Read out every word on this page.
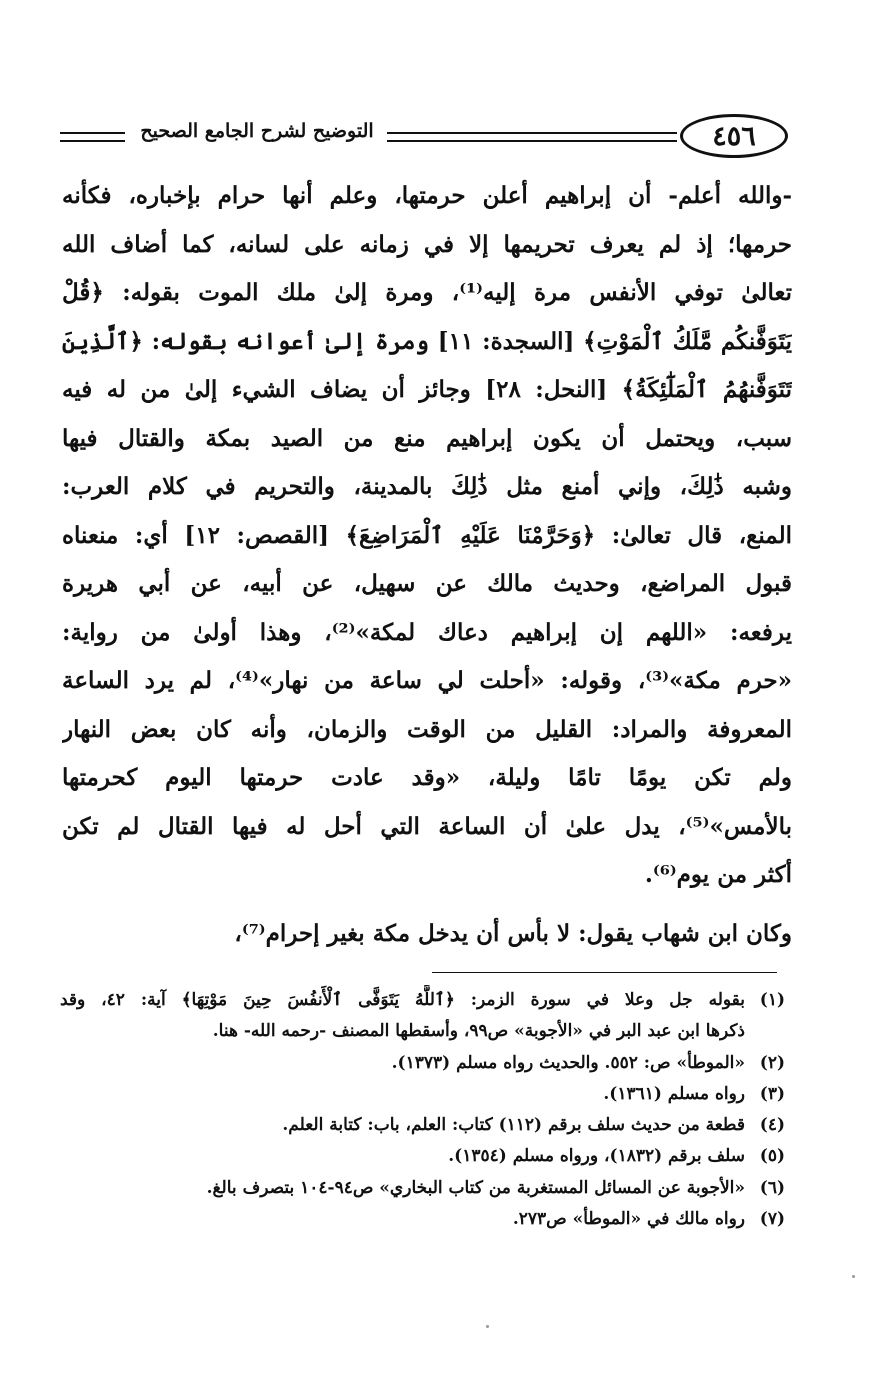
التوضيح لشرح الجامع الصحيح	٤٥٦
-والله أعلم- أن إبراهيم أعلن حرمتها، وعلم أنها حرام بإخباره، فكأنه
حرمها؛ إذ لم يعرف تحريمها إلا في زمانه على لسانه، كما أضاف الله
تعالىٰ توفي الأنفس مرة إليه⁽¹⁾، ومرة إلىٰ ملك الموت بقوله: ﴿قُلْ
يَتَوَفَّنكُم مَّلَكُ ٱلْمَوْتِ﴾ [السجدة: ١١] ومرة إلىٰ أعوانه بقوله: ﴿ٱلَّذِينَ
تَتَوَفَّنهُمُ ٱلْمَلَٰٓئِكَةُ﴾ [النحل: ٢٨] وجائز أن يضاف الشيء إلىٰ من له فيه
سبب، ويحتمل أن يكون إبراهيم منع من الصيد بمكة والقتال فيها
وشبه ذَٰلِكَ، وإني أمنع مثل ذَٰلِكَ بالمدينة، والتحريم في كلام العرب:
المنع، قال تعالىٰ: ﴿وَحَرَّمْنَا عَلَيْهِ ٱلْمَرَاضِعَ﴾ [القصص: ١٢] أي: منعناه
قبول المراضع، وحديث مالك عن سهيل، عن أبيه، عن أبي هريرة
يرفعه: «اللهم إن إبراهيم دعاك لمكة»⁽²⁾، وهذا أولىٰ من رواية:
«حرم مكة»⁽³⁾، وقوله: «أحلت لي ساعة من نهار»⁽⁴⁾، لم يرد الساعة
المعروفة والمراد: القليل من الوقت والزمان، وأنه كان بعض النهار
ولم تكن يومًا تامًا وليلة، «وقد عادت حرمتها اليوم كحرمتها
بالأمس»⁽⁵⁾، يدل علىٰ أن الساعة التي أحل له فيها القتال لم تكن
أكثر من يوم⁽⁶⁾.
وكان ابن شهاب يقول: لا بأس أن يدخل مكة بغير إحرام⁽⁷⁾،
(١)بقوله جل وعلا في سورة الزمر: ﴿ٱللَّهُ يَتَوَفَّى ٱلْأَنفُسَ حِينَ مَوْتِهَا﴾ آية: ٤٢، وقد
ذكرها ابن عبد البر في «الأجوبة» ص٩٩، وأسقطها المصنف -رحمه الله- هنا.
(٢)«الموطأ» ص: ٥٥٢. والحديث رواه مسلم (١٣٧٣).
(٣)رواه مسلم (١٣٦١).
(٤)قطعة من حديث سلف برقم (١١٢) كتاب: العلم، باب: كتابة العلم.
(٥)سلف برقم (١٨٣٢)، ورواه مسلم (١٣٥٤).
(٦)«الأجوبة عن المسائل المستغربة من كتاب البخاري» ص٩٤-١٠٤ بتصرف بالغ.
(٧)رواه مالك في «الموطأ» ص٢٧٣.
